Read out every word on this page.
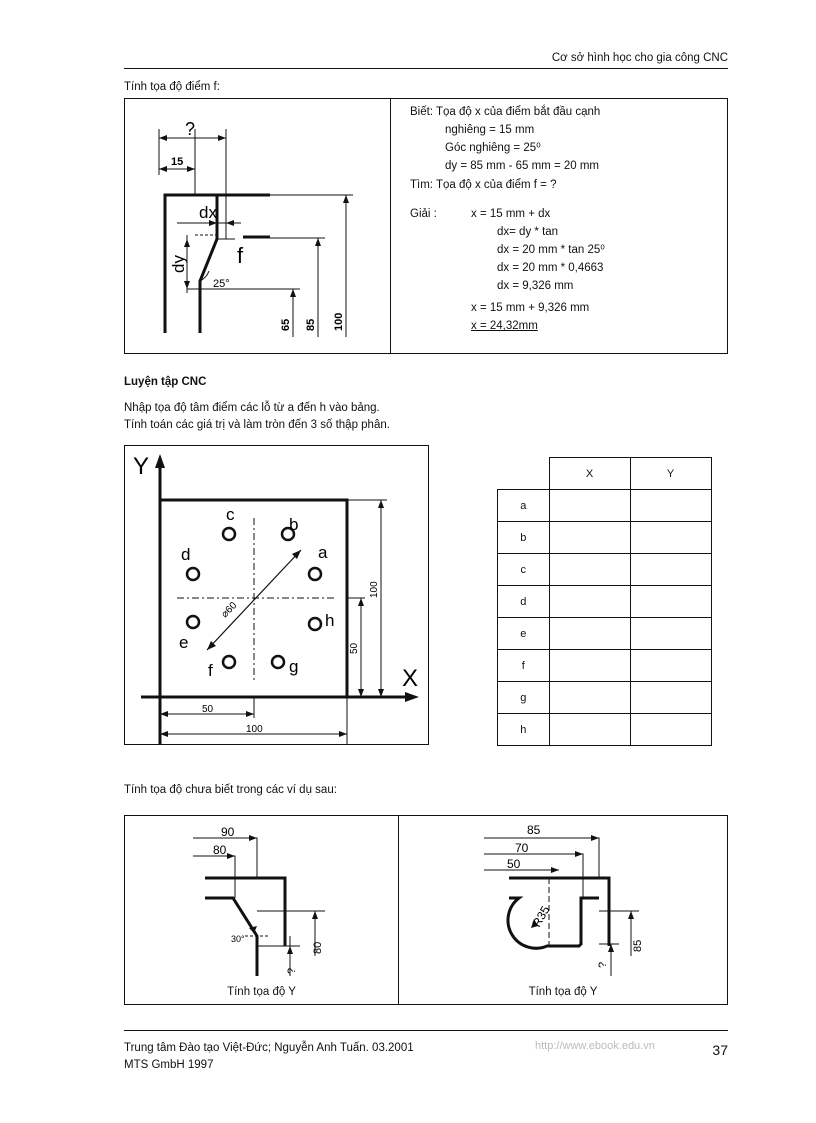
Cơ sở hình học cho gia công CNC
Tính tọa độ điểm f:
?
15
dx
dy f
25°
65 85 100
Biết: Tọa độ x của điểm bắt đầu cạnh
nghiêng = 15 mm
Góc nghiêng = 25⁰
dy = 85 mm - 65 mm = 20 mm
Tìm: Tọa độ x của điểm f = ?
Giải :	x = 15 mm + dx
dx= dy * tan
dx = 20 mm * tan 25⁰
dx = 20 mm * 0,4663
dx = 9,326 mm
x = 15 mm + 9,326 mm
x = 24,32mm
Luyện tập CNC
Nhập tọa độ tâm điểm các lỗ từ a đến h vào bảng.
Tính toán các giá trị và làm tròn đến 3 số thập phân.
Y
X
100
50
50
100
⌀60
a
b
c
d
e
f	g
h
	X	Y
a		
b		
c		
d		
e		
f		
g		
h		
Tính tọa độ chưa biết trong các ví dụ sau:
90
80
80
30°
?
Tính tọa độ Y
85
70
50
R35
85
?
Tính tọa độ Y
Trung tâm Đào tạo Việt-Đức; Nguyễn Anh Tuấn. 03.2001
MTS GmbH 1997
http://www.ebook.edu.vn	37
